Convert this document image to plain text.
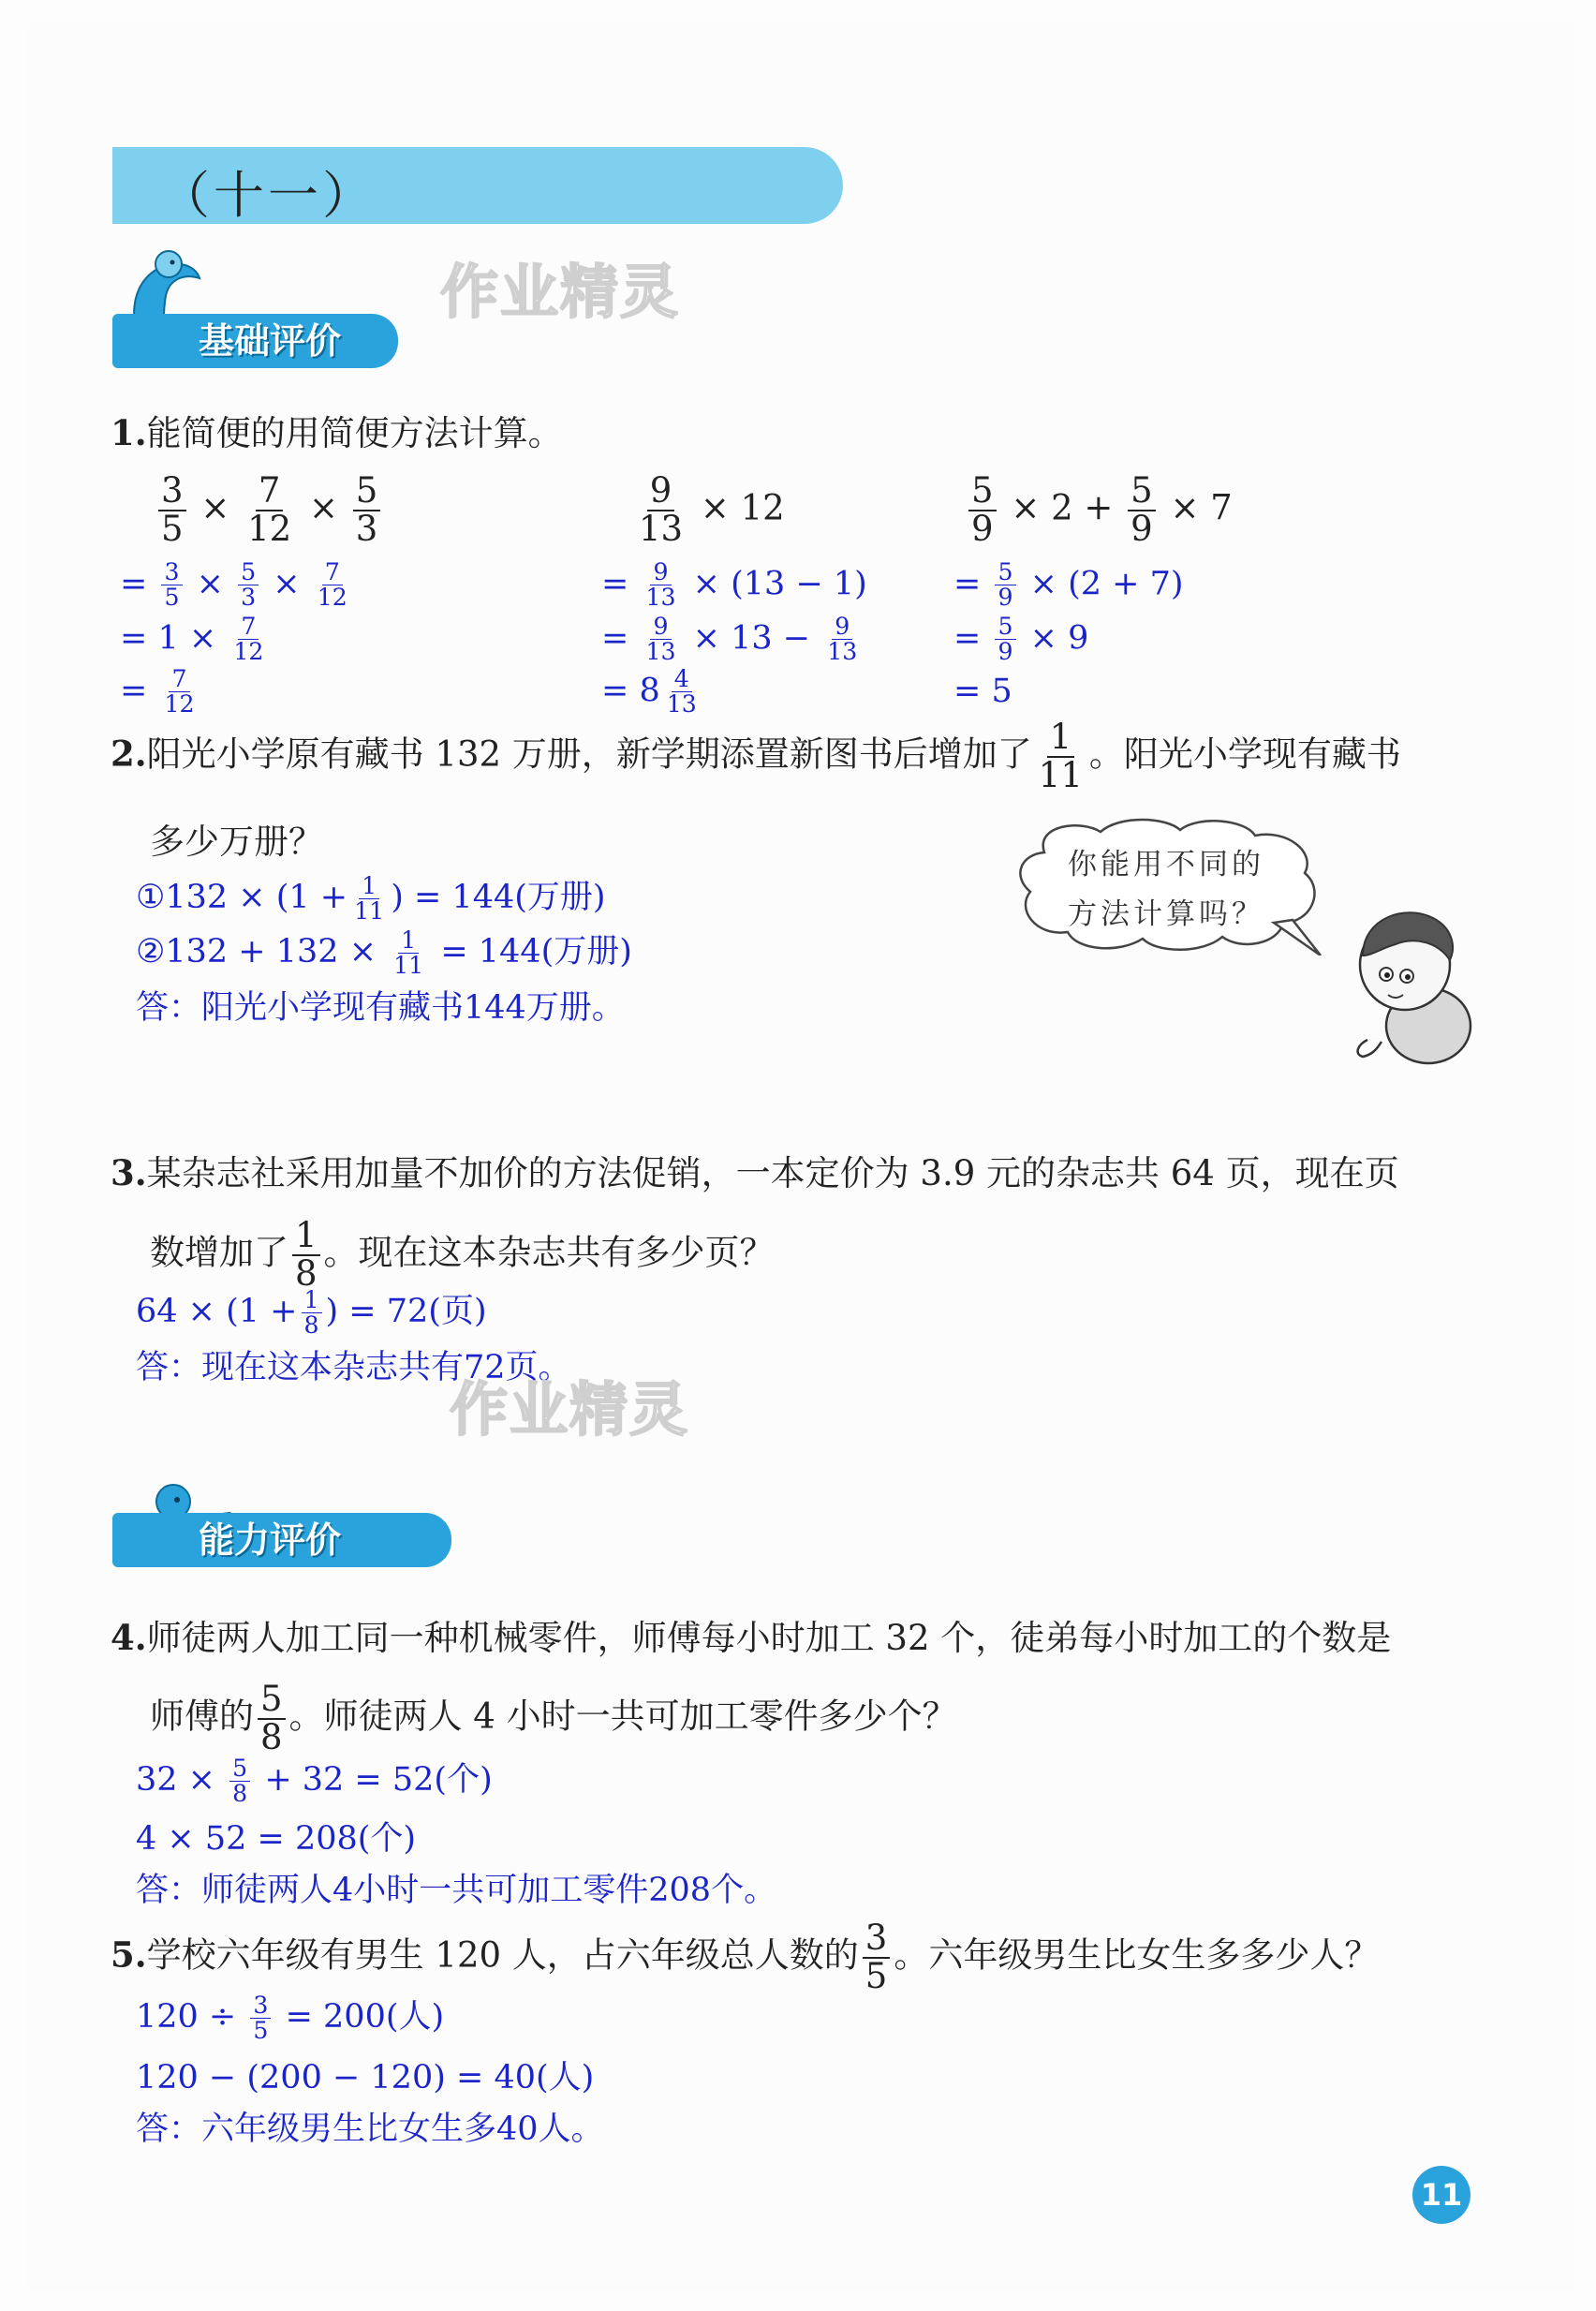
（十一）
基础评价
作业精灵
1.能简便的用简便方法计算。
$\frac{3}{5} \times \frac{7}{12} \times \frac{5}{3}$
= $\frac{3}{5} \times \frac{5}{3} \times \frac{7}{12}$
= $1 \times \frac{7}{12}$
= $\frac{7}{12}$
$\frac{9}{13} \times 12$
= $\frac{9}{13} \times (13 - 1)$
= $\frac{9}{13} \times 13 - \frac{9}{13}$
= $8 \frac{4}{13}$
$\frac{5}{9} \times 2 + \frac{5}{9} \times 7$
= $\frac{5}{9} \times (2 + 7)$
= $\frac{5}{9} \times 9$
= 5
2.阳光小学原有藏书 132 万册，新学期添置新图书后增加了 $\frac{1}{11}$ 。阳光小学现有藏书
多少万册？
①132 × ($1 + \frac{1}{11}$ ) = 144(万册)
②132 + $132 \times \frac{1}{11} = 144$(万册)
答：阳光小学现有藏书144万册。
你能用不同的
方法计算吗？
3.某杂志社采用加量不加价的方法促销，一本定价为 3.9 元的杂志共 64 页，现在页
数增加了 $\frac{1}{8}$ 。现在这本杂志共有多少页？
$64 \times (1 + \frac{1}{8}$ ) = 72(页)
答：现在这本杂志共有72页。
作业精灵
能力评价
4.师徒两人加工同一种机械零件，师傅每小时加工 32 个，徒弟每小时加工的个数是
师傅的 $\frac{5}{8}$ 。师徒两人 4 小时一共可加工零件多少个？
$32 \times \frac{5}{8} + 32 = 52$(个)
4 × 52 = 208(个)
答：师徒两人4小时一共可加工零件208个。
5.学校六年级有男生 120 人，占六年级总人数的 $\frac{3}{5}$ 。六年级男生比女生多多少人？
$120 \div \frac{3}{5} = 200$(人)
120 − (200 − 120) = 40(人)
答：六年级男生比女生多40人。
11
